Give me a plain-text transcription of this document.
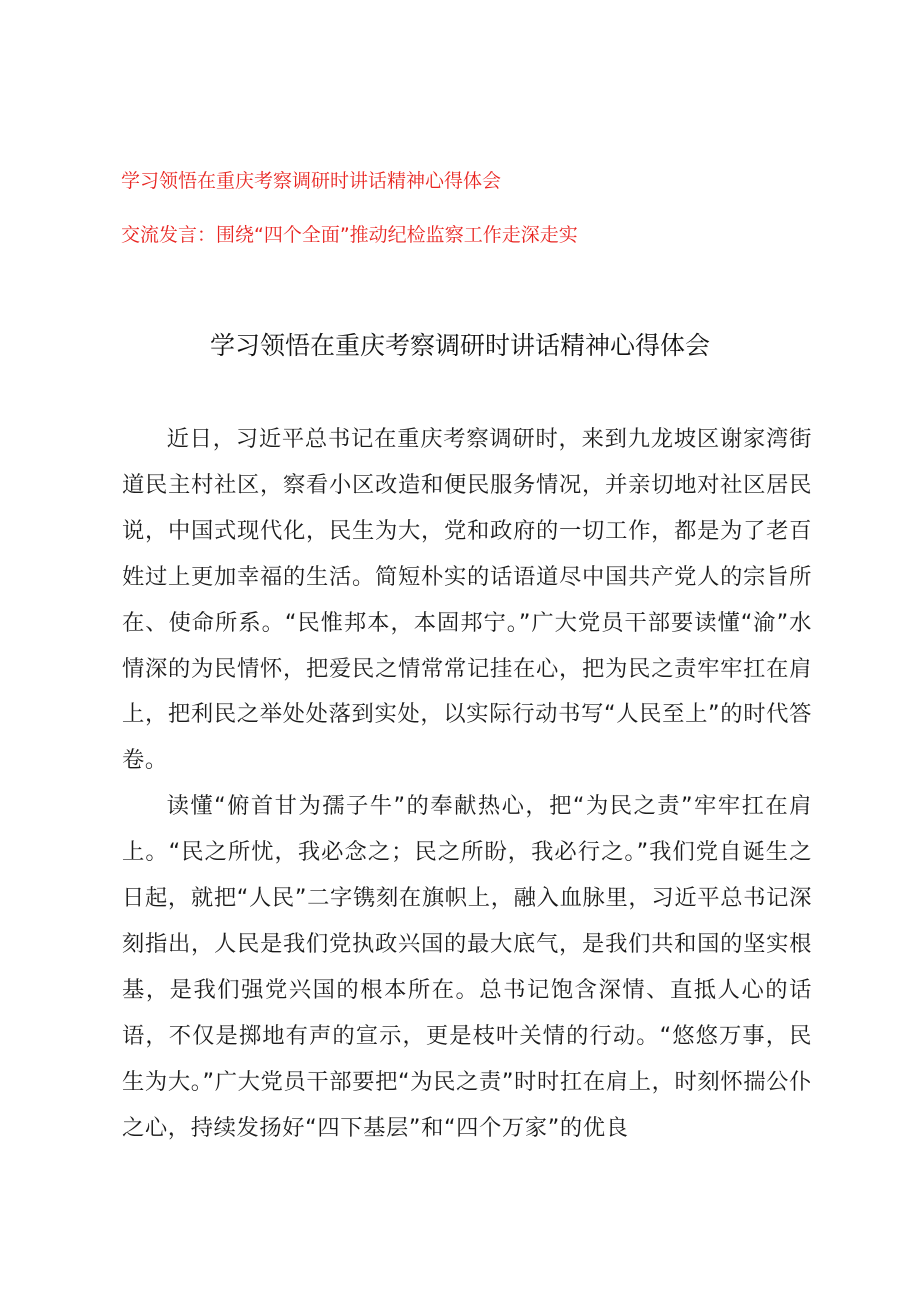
学习领悟在重庆考察调研时讲话精神心得体会
交流发言：围绕“四个全面”推动纪检监察工作走深走实
学习领悟在重庆考察调研时讲话精神心得体会

近日，习近平总书记在重庆考察调研时，来到九龙坡区谢家湾街道民主村社区，察看小区改造和便民服务情况，并亲切地对社区居民说，中国式现代化，民生为大，党和政府的一切工作，都是为了老百姓过上更加幸福的生活。简短朴实的话语道尽中国共产党人的宗旨所在、使命所系。“民惟邦本，本固邦宁。”广大党员干部要读懂“渝”水情深的为民情怀，把爱民之情常常记挂在心，把为民之责牢牢扛在肩上，把利民之举处处落到实处，以实际行动书写“人民至上”的时代答卷。

读懂“俯首甘为孺子牛”的奉献热心，把“为民之责”牢牢扛在肩上。“民之所忧，我必念之；民之所盼，我必行之。”我们党自诞生之日起，就把“人民”二字镌刻在旗帜上，融入血脉里，习近平总书记深刻指出，人民是我们党执政兴国的最大底气，是我们共和国的坚实根基，是我们强党兴国的根本所在。总书记饱含深情、直抵人心的话语，不仅是掷地有声的宣示，更是枝叶关情的行动。“悠悠万事，民生为大。”广大党员干部要把“为民之责”时时扛在肩上，时刻怀揣公仆之心，持续发扬好“四下基层”和“四个万家”的优良
